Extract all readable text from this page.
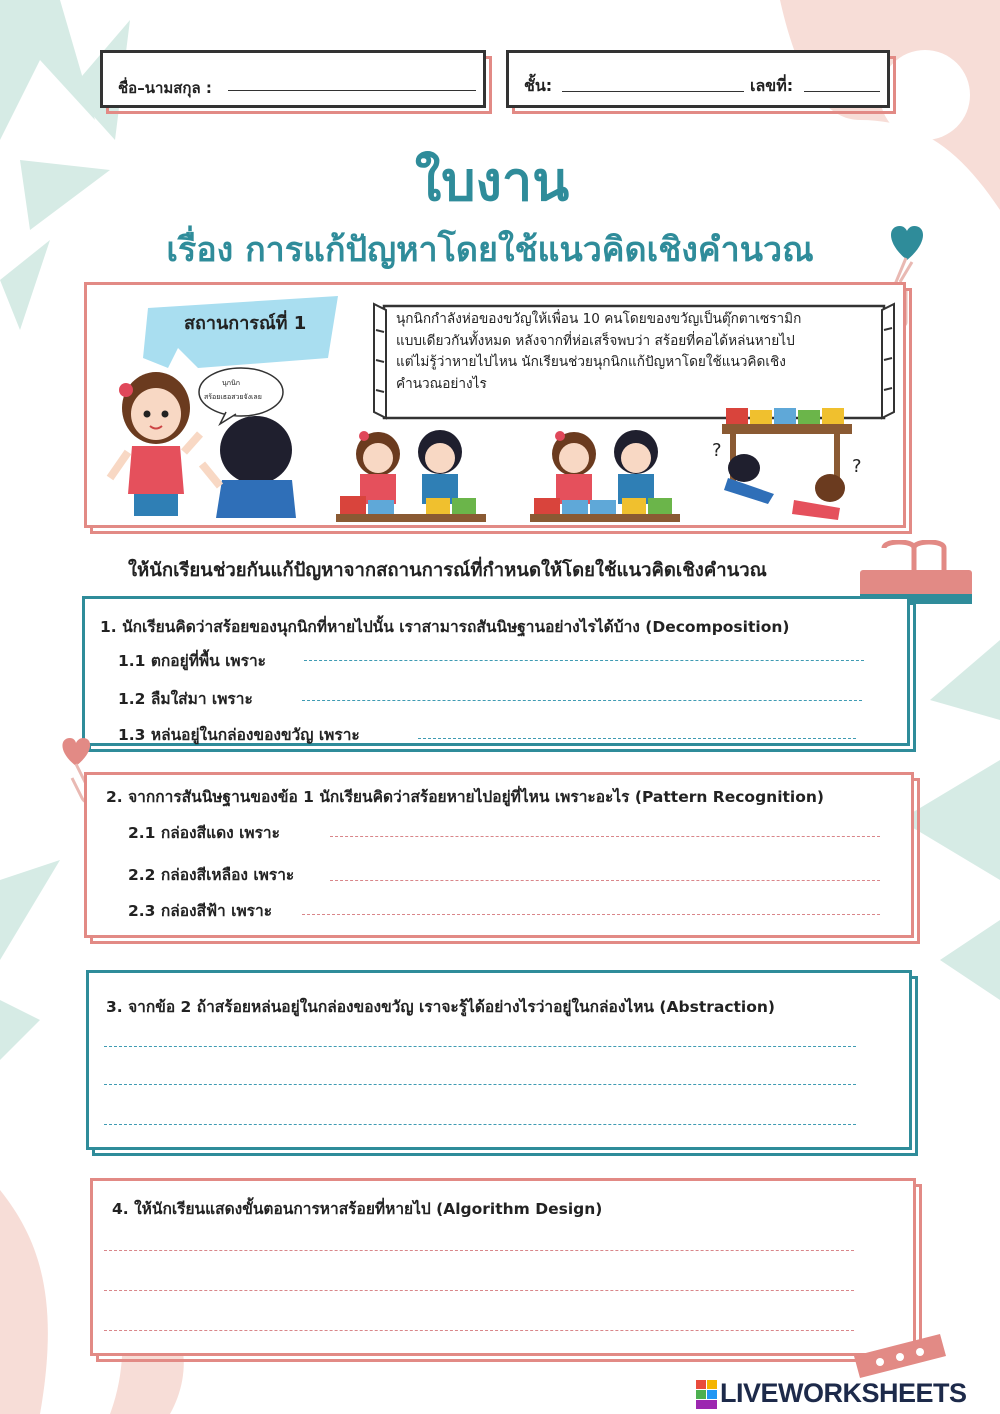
ชื่อ–นามสกุล :	ชั้น:	เลขที่:
ใบงาน
เรื่อง การแก้ปัญหาโดยใช้แนวคิดเชิงคำนวณ
สถานการณ์ที่ 1	นุกนิกกำลังห่อของขวัญให้เพื่อน 10 คนโดยของขวัญเป็นตุ๊กตาเซรามิก
แบบเดียวกันทั้งหมด หลังจากที่ห่อเสร็จพบว่า สร้อยที่คอได้หล่นหายไป
แต่ไม่รู้ว่าหายไปไหน นักเรียนช่วยนุกนิกแก้ปัญหาโดยใช้แนวคิดเชิง
คำนวณอย่างไร
นุกนิก
สร้อยเธอสวยจังเลย
?
?
ให้นักเรียนช่วยกันแก้ปัญหาจากสถานการณ์ที่กำหนดให้โดยใช้แนวคิดเชิงคำนวณ
1. นักเรียนคิดว่าสร้อยของนุกนิกที่หายไปนั้น เราสามารถสันนิษฐานอย่างไรได้บ้าง (Decomposition)
1.1 ตกอยู่ที่พื้น เพราะ
1.2 ลืมใส่มา เพราะ
1.3 หล่นอยู่ในกล่องของขวัญ เพราะ
2. จากการสันนิษฐานของข้อ 1 นักเรียนคิดว่าสร้อยหายไปอยู่ที่ไหน เพราะอะไร (Pattern Recognition)
2.1 กล่องสีแดง เพราะ
2.2 กล่องสีเหลือง เพราะ
2.3 กล่องสีฟ้า เพราะ
3. จากข้อ 2 ถ้าสร้อยหล่นอยู่ในกล่องของขวัญ เราจะรู้ได้อย่างไรว่าอยู่ในกล่องไหน (Abstraction)
4. ให้นักเรียนแสดงขั้นตอนการหาสร้อยที่หายไป (Algorithm Design)
LIVEWORKSHEETS
